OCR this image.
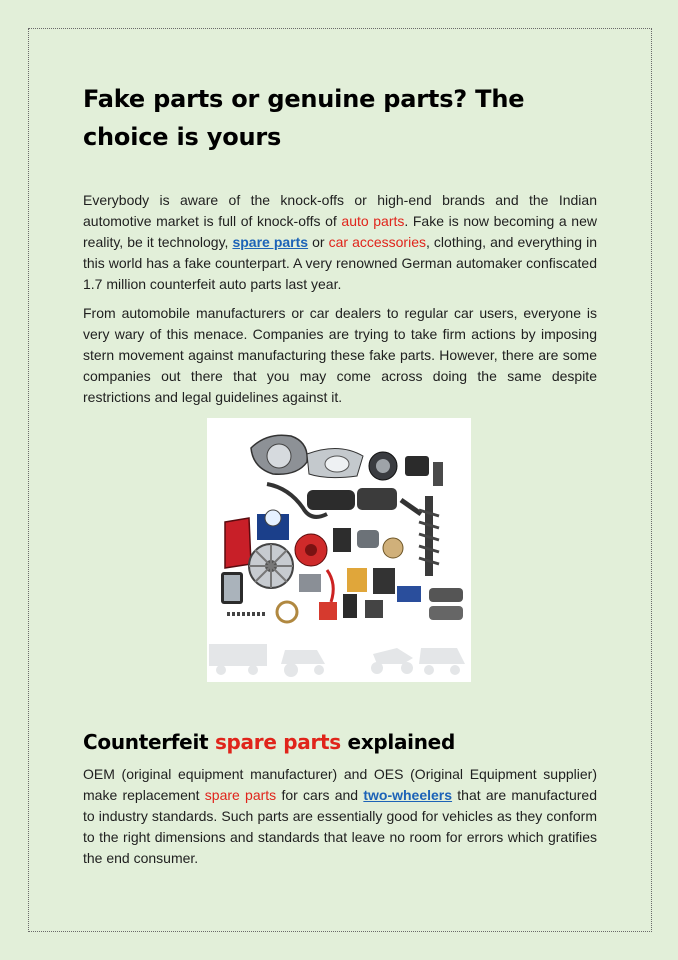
Fake parts or genuine parts? The
choice is yours

Everybody is aware of the knock-offs or high-end brands and the Indian automotive market is full of knock-offs of auto parts. Fake is now becoming a new reality, be it technology, spare parts or car accessories, clothing, and everything in this world has a fake counterpart. A very renowned German automaker confiscated 1.7 million counterfeit auto parts last year.

From automobile manufacturers or car dealers to regular car users, everyone is very wary of this menace. Companies are trying to take firm actions by imposing stern movement against manufacturing these fake parts. However, there are some companies out there that you may come across doing the same despite restrictions and legal guidelines against it.

Counterfeit spare parts explained

OEM (original equipment manufacturer) and OES (Original Equipment supplier) make replacement spare parts for cars and two-wheelers that are manufactured to industry standards. Such parts are essentially good for vehicles as they conform to the right dimensions and standards that leave no room for errors which gratifies the end consumer.
